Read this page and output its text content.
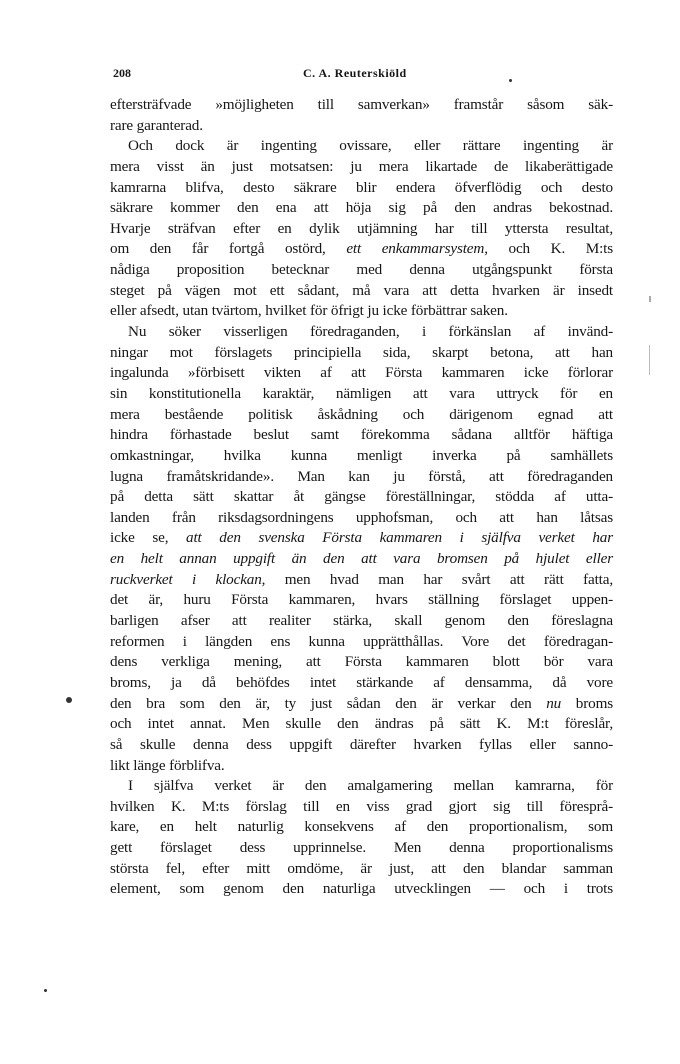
208	C. A. Reuterskiöld
eftersträfvade »möjligheten till samverkan» framstår såsom säk-
rare garanterad.
Och dock är ingenting ovissare, eller rättare ingenting är
mera visst än just motsatsen: ju mera likartade de likaberättigade
kamrarna blifva, desto säkrare blir endera öfverflödig och desto
säkrare kommer den ena att höja sig på den andras bekostnad.
Hvarje sträfvan efter en dylik utjämning har till yttersta resultat,
om den får fortgå ostörd, ett enkammarsystem, och K. M:ts
nådiga proposition betecknar med denna utgångspunkt första
steget på vägen mot ett sådant, må vara att detta hvarken är insedt
eller afsedt, utan tvärtom, hvilket för öfrigt ju icke förbättrar saken.
Nu söker visserligen föredraganden, i förkänslan af invänd-
ningar mot förslagets principiella sida, skarpt betona, att han
ingalunda »förbisett vikten af att Första kammaren icke förlorar
sin konstitutionella karaktär, nämligen att vara uttryck för en
mera bestående politisk åskådning och därigenom egnad att
hindra förhastade beslut samt förekomma sådana alltför häftiga
omkastningar, hvilka kunna menligt inverka på samhällets
lugna framåtskridande». Man kan ju förstå, att föredraganden
på detta sätt skattar åt gängse föreställningar, stödda af utta-
landen från riksdagsordningens upphofsman, och att han låtsas
icke se, att den svenska Första kammaren i själfva verket har
en helt annan uppgift än den att vara bromsen på hjulet eller
ruckverket i klockan, men hvad man har svårt att rätt fatta,
det är, huru Första kammaren, hvars ställning förslaget uppen-
barligen afser att realiter stärka, skall genom den föreslagna
reformen i längden ens kunna upprätthållas. Vore det föredragan-
dens verkliga mening, att Första kammaren blott bör vara
broms, ja då behöfdes intet stärkande af densamma, då vore
den bra som den är, ty just sådan den är verkar den nu broms
och intet annat. Men skulle den ändras på sätt K. M:t föreslår,
så skulle denna dess uppgift därefter hvarken fyllas eller sanno-
likt länge förblifva.
I själfva verket är den amalgamering mellan kamrarna, för
hvilken K. M:ts förslag till en viss grad gjort sig till föresprå-
kare, en helt naturlig konsekvens af den proportionalism, som
gett förslaget dess upprinnelse. Men denna proportionalisms
största fel, efter mitt omdöme, är just, att den blandar samman
element, som genom den naturliga utvecklingen — och i trots
